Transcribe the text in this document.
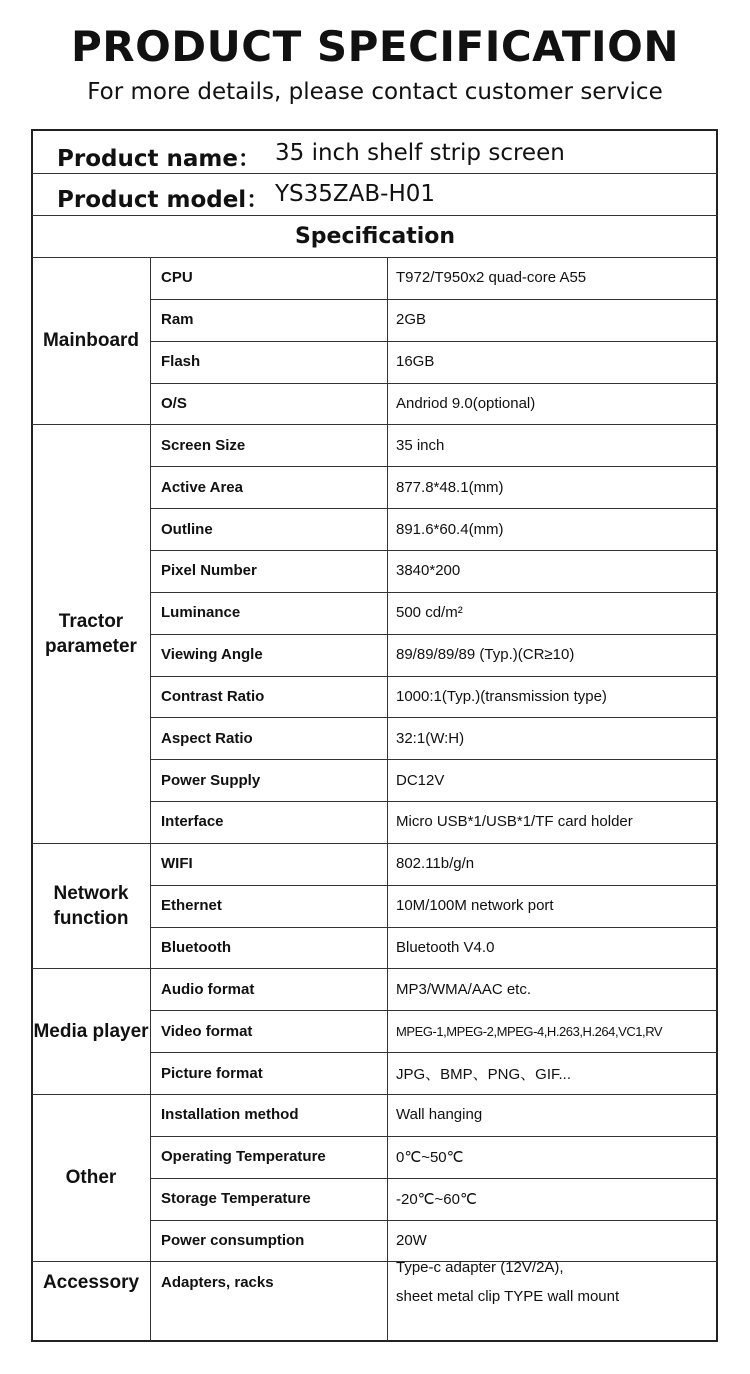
PRODUCT SPECIFICATION
For more details, please contact customer service
Product name： 35 inch shelf strip screen
Product model： YS35ZAB-H01
Specification
Mainboard
CPU	T972/T950x2 quad-core A55
Ram	2GB
Flash	16GB
O/S	Andriod 9.0(optional)
Tractor parameter
Screen Size	35 inch
Active Area	877.8*48.1(mm)
Outline	891.6*60.4(mm)
Pixel Number	3840*200
Luminance	500 cd/m²
Viewing Angle	89/89/89/89 (Typ.)(CR≥10)
Contrast Ratio	1000:1(Typ.)(transmission type)
Aspect Ratio	32:1(W:H)
Power Supply	DC12V
Interface	Micro USB*1/USB*1/TF card holder
Network function
WIFI	802.11b/g/n
Ethernet	10M/100M network port
Bluetooth	Bluetooth V4.0
Media player
Audio format	MP3/WMA/AAC etc.
Video format	MPEG-1,MPEG-2,MPEG-4,H.263,H.264,VC1,RV
Picture format	JPG、BMP、PNG、GIF...
Other
Installation method	Wall hanging
Operating Temperature	0℃~50℃
Storage Temperature	-20℃~60℃
Power consumption	20W
Accessory	Adapters, racks
Type-c adapter (12V/2A),
sheet metal clip TYPE wall mount
